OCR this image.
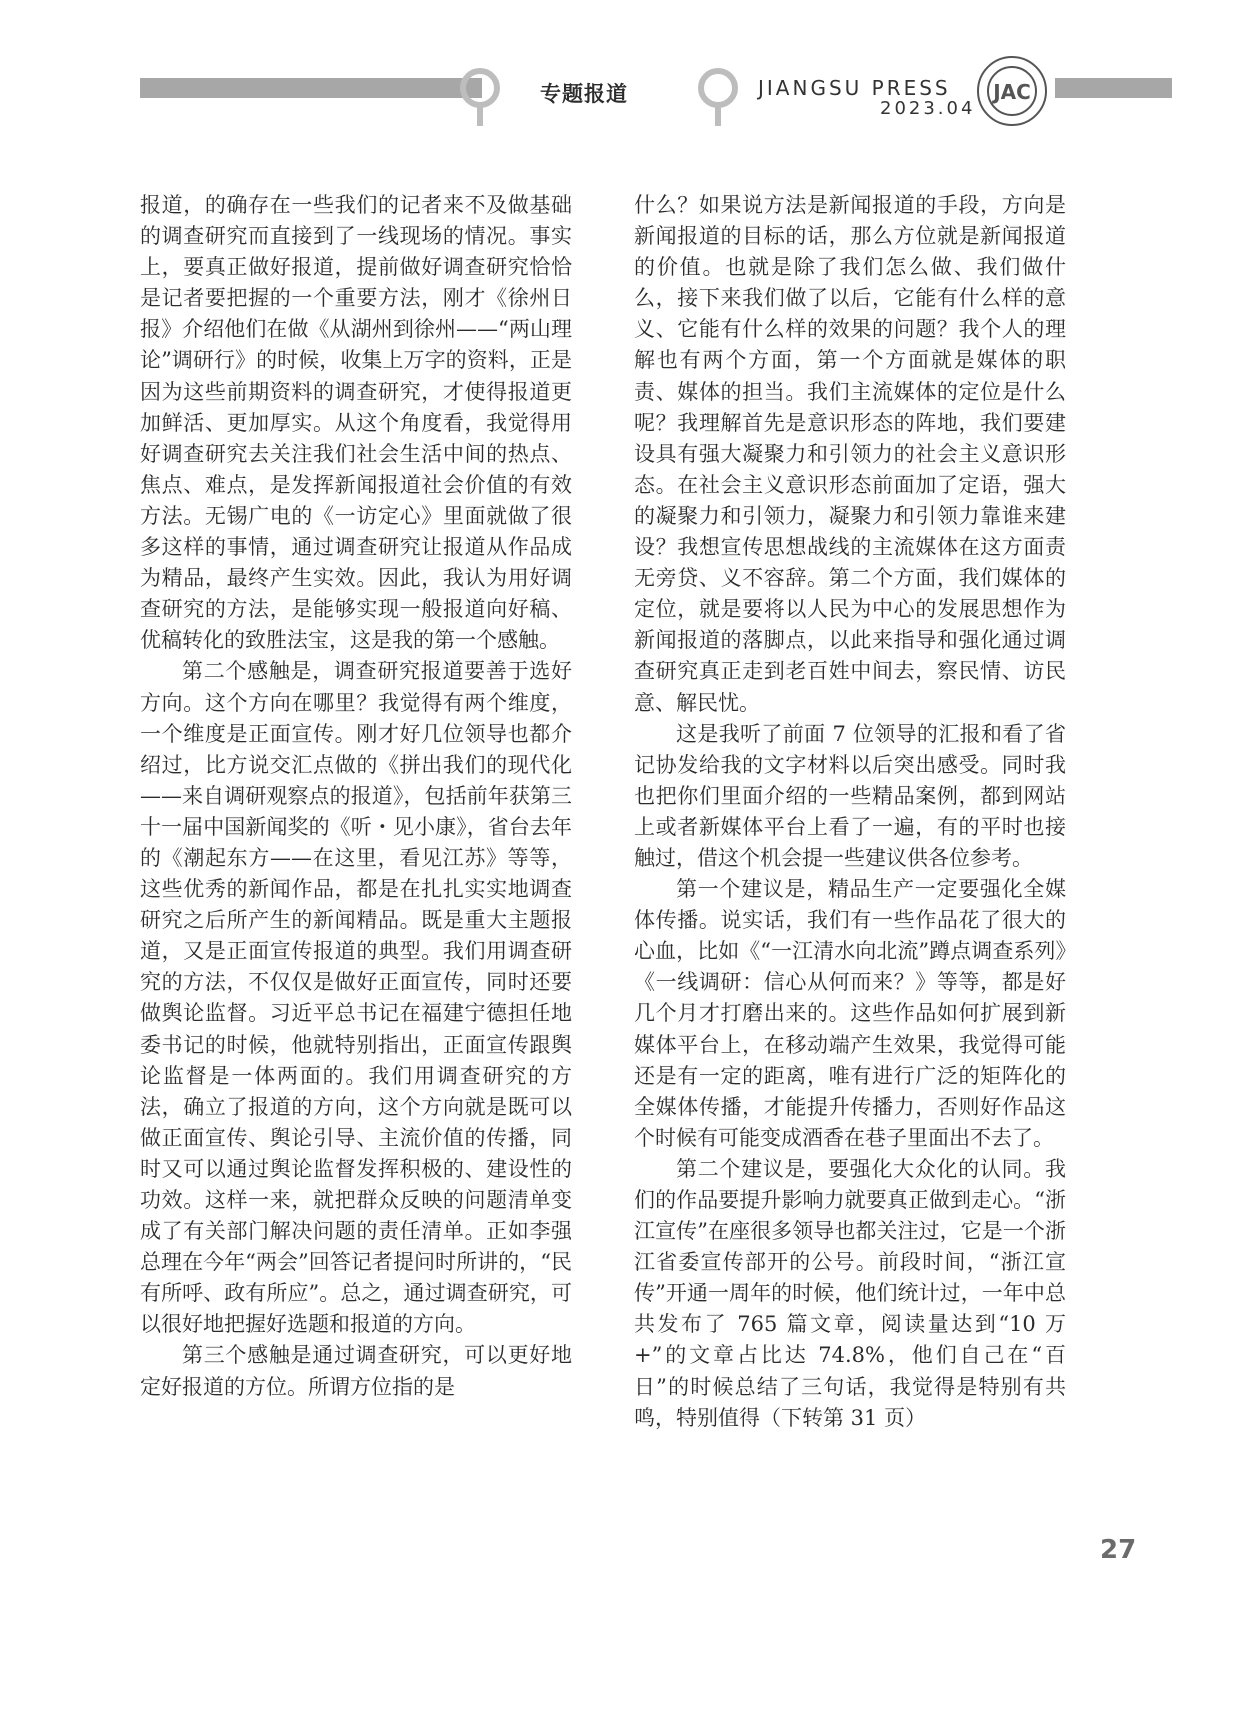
专题报道	JIANGSU PRESS
2023.04
JAC

报道，的确存在一些我们的记者来不及做基础的调查研究而直接到了一线现场的情况。事实上，要真正做好报道，提前做好调查研究恰恰是记者要把握的一个重要方法，刚才《徐州日报》介绍他们在做《从湖州到徐州——“两山理论”调研行》的时候，收集上万字的资料，正是因为这些前期资料的调查研究，才使得报道更加鲜活、更加厚实。从这个角度看，我觉得用好调查研究去关注我们社会生活中间的热点、焦点、难点，是发挥新闻报道社会价值的有效方法。无锡广电的《一访定心》里面就做了很多这样的事情，通过调查研究让报道从作品成为精品，最终产生实效。因此，我认为用好调查研究的方法，是能够实现一般报道向好稿、优稿转化的致胜法宝，这是我的第一个感触。

第二个感触是，调查研究报道要善于选好方向。这个方向在哪里？我觉得有两个维度，一个维度是正面宣传。刚才好几位领导也都介绍过，比方说交汇点做的《拼出我们的现代化——来自调研观察点的报道》，包括前年获第三十一届中国新闻奖的《听・见小康》，省台去年的《潮起东方——在这里，看见江苏》等等，这些优秀的新闻作品，都是在扎扎实实地调查研究之后所产生的新闻精品。既是重大主题报道，又是正面宣传报道的典型。我们用调查研究的方法，不仅仅是做好正面宣传，同时还要做舆论监督。习近平总书记在福建宁德担任地委书记的时候，他就特别指出，正面宣传跟舆论监督是一体两面的。我们用调查研究的方法，确立了报道的方向，这个方向就是既可以做正面宣传、舆论引导、主流价值的传播，同时又可以通过舆论监督发挥积极的、建设性的功效。这样一来，就把群众反映的问题清单变成了有关部门解决问题的责任清单。正如李强总理在今年“两会”回答记者提问时所讲的，“民有所呼、政有所应”。总之，通过调查研究，可以很好地把握好选题和报道的方向。

第三个感触是通过调查研究，可以更好地定好报道的方位。所谓方位指的是

什么？如果说方法是新闻报道的手段，方向是新闻报道的目标的话，那么方位就是新闻报道的价值。也就是除了我们怎么做、我们做什么，接下来我们做了以后，它能有什么样的意义、它能有什么样的效果的问题？我个人的理解也有两个方面，第一个方面就是媒体的职责、媒体的担当。我们主流媒体的定位是什么呢？我理解首先是意识形态的阵地，我们要建设具有强大凝聚力和引领力的社会主义意识形态。在社会主义意识形态前面加了定语，强大的凝聚力和引领力，凝聚力和引领力靠谁来建设？我想宣传思想战线的主流媒体在这方面责无旁贷、义不容辞。第二个方面，我们媒体的定位，就是要将以人民为中心的发展思想作为新闻报道的落脚点，以此来指导和强化通过调查研究真正走到老百姓中间去，察民情、访民意、解民忧。

这是我听了前面 7 位领导的汇报和看了省记协发给我的文字材料以后突出感受。同时我也把你们里面介绍的一些精品案例，都到网站上或者新媒体平台上看了一遍，有的平时也接触过，借这个机会提一些建议供各位参考。

第一个建议是，精品生产一定要强化全媒体传播。说实话，我们有一些作品花了很大的心血，比如《“一江清水向北流”蹲点调查系列》《一线调研：信心从何而来？》等等，都是好几个月才打磨出来的。这些作品如何扩展到新媒体平台上，在移动端产生效果，我觉得可能还是有一定的距离，唯有进行广泛的矩阵化的全媒体传播，才能提升传播力，否则好作品这个时候有可能变成酒香在巷子里面出不去了。

第二个建议是，要强化大众化的认同。我们的作品要提升影响力就要真正做到走心。“浙江宣传”在座很多领导也都关注过，它是一个浙江省委宣传部开的公号。前段时间，“浙江宣传”开通一周年的时候，他们统计过，一年中总共发布了 765 篇文章，阅读量达到“10 万 +”的文章占比达 74.8%，他们自己在“百日”的时候总结了三句话，我觉得是特别有共鸣，特别值得（下转第 31 页）

27
